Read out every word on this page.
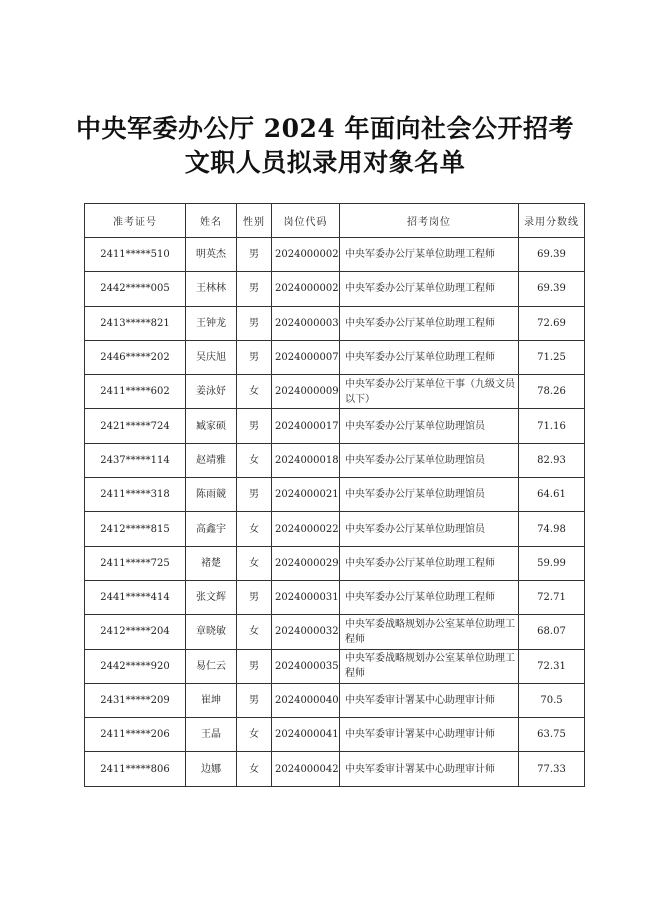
中央军委办公厅 2024 年面向社会公开招考
文职人员拟录用对象名单
准考证号	姓名	性别	岗位代码	招考岗位	录用分数线
2411*****510	明英杰	男	2024000002	中央军委办公厅某单位助理工程师	69.39
2442*****005	王林林	男	2024000002	中央军委办公厅某单位助理工程师	69.39
2413*****821	王钟龙	男	2024000003	中央军委办公厅某单位助理工程师	72.69
2446*****202	吴庆旭	男	2024000007	中央军委办公厅某单位助理工程师	71.25
2411*****602	姜泳妤	女	2024000009	中央军委办公厅某单位干事（九级文员以下）	78.26
2421*****724	臧家硕	男	2024000017	中央军委办公厅某单位助理馆员	71.16
2437*****114	赵靖雅	女	2024000018	中央军委办公厅某单位助理馆员	82.93
2411*****318	陈雨競	男	2024000021	中央军委办公厅某单位助理馆员	64.61
2412*****815	高鑫宇	女	2024000022	中央军委办公厅某单位助理馆员	74.98
2411*****725	褚楚	女	2024000029	中央军委办公厅某单位助理工程师	59.99
2441*****414	张文辉	男	2024000031	中央军委办公厅某单位助理工程师	72.71
2412*****204	章晓敏	女	2024000032	中央军委战略规划办公室某单位助理工程师	68.07
2442*****920	易仁云	男	2024000035	中央军委战略规划办公室某单位助理工程师	72.31
2431*****209	崔坤	男	2024000040	中央军委审计署某中心助理审计师	70.5
2411*****206	王晶	女	2024000041	中央军委审计署某中心助理审计师	63.75
2411*****806	边娜	女	2024000042	中央军委审计署某中心助理审计师	77.33
